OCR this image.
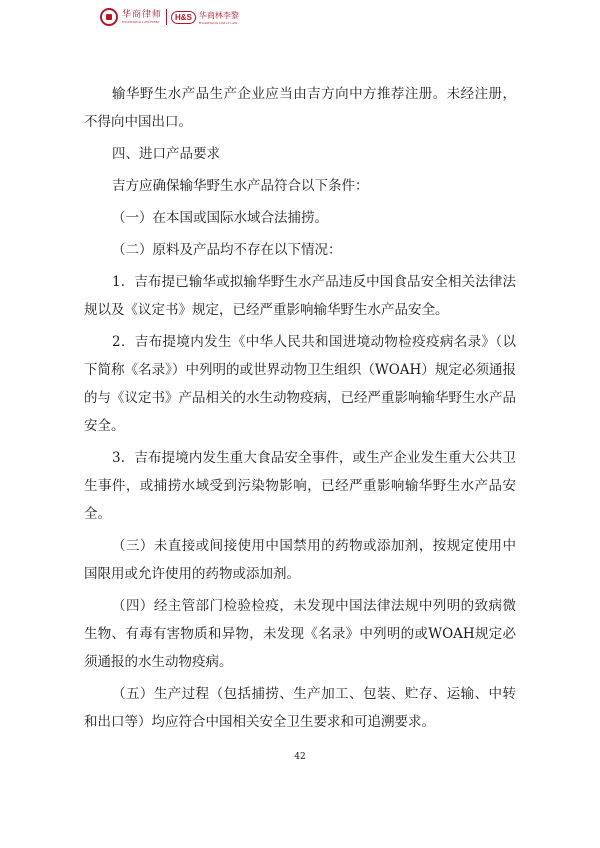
华商律师
HUASHANG LAW FIRM
H&S 华商林李黎
HUASHANG LIM LI LAW

输华野生水产品生产企业应当由吉方向中方推荐注册。未经注册，不得向中国出口。

四、进口产品要求

吉方应确保输华野生水产品符合以下条件：

（一）在本国或国际水域合法捕捞。

（二）原料及产品均不存在以下情况：

1．吉布提已输华或拟输华野生水产品违反中国食品安全相关法律法规以及《议定书》规定，已经严重影响输华野生水产品安全。

2．吉布提境内发生《中华人民共和国进境动物检疫疫病名录》（以下简称《名录》）中列明的或世界动物卫生组织（WOAH）规定必须通报的与《议定书》产品相关的水生动物疫病，已经严重影响输华野生水产品安全。

3．吉布提境内发生重大食品安全事件，或生产企业发生重大公共卫生事件，或捕捞水域受到污染物影响，已经严重影响输华野生水产品安全。

（三）未直接或间接使用中国禁用的药物或添加剂，按规定使用中国限用或允许使用的药物或添加剂。

（四）经主管部门检验检疫，未发现中国法律法规中列明的致病微生物、有毒有害物质和异物，未发现《名录》中列明的或WOAH规定必须通报的水生动物疫病。

（五）生产过程（包括捕捞、生产加工、包装、贮存、运输、中转和出口等）均应符合中国相关安全卫生要求和可追溯要求。

42
